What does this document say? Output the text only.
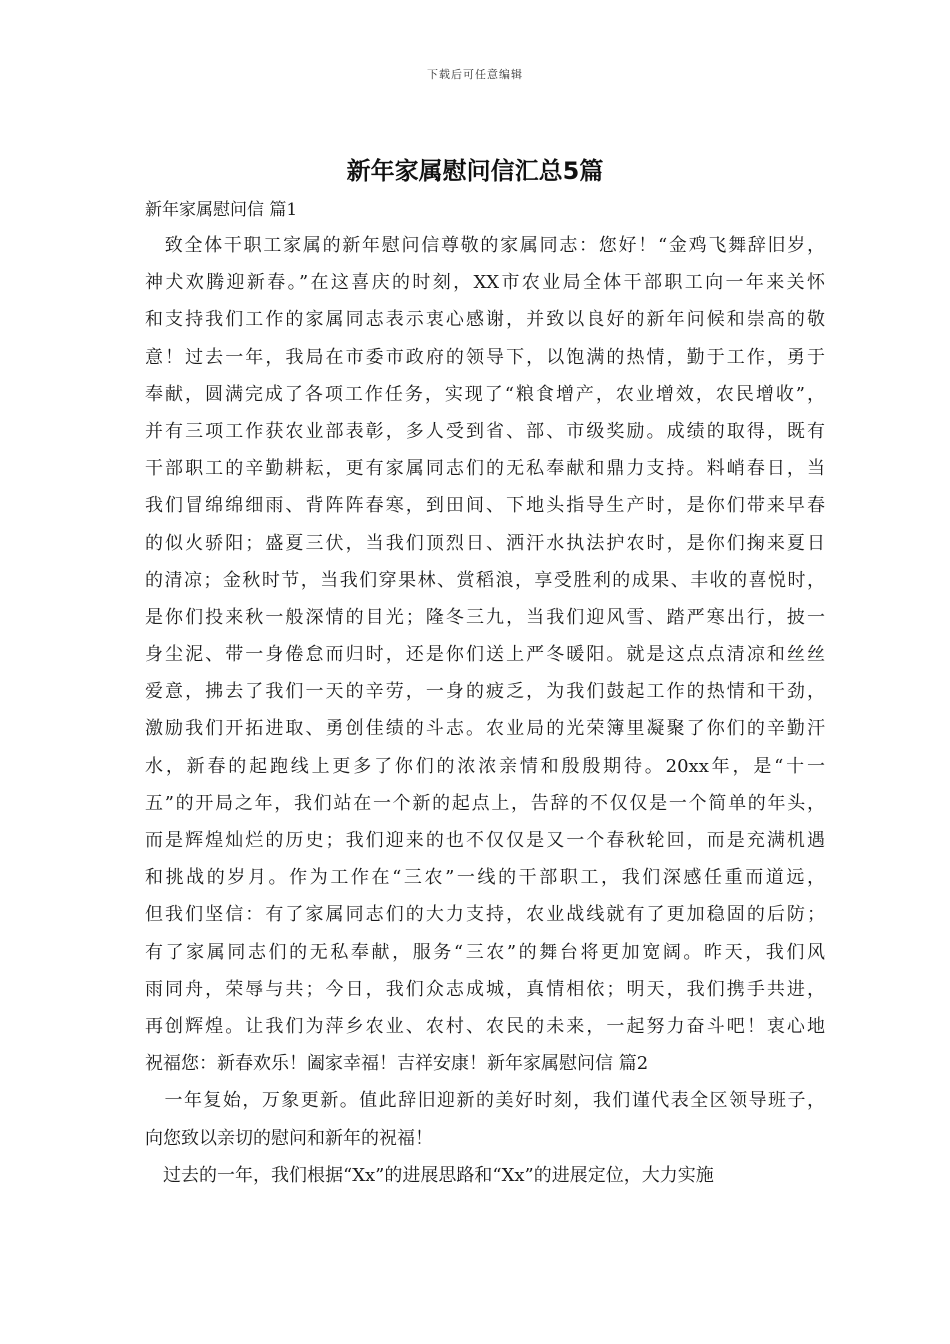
下载后可任意编辑
新年家属慰问信汇总5篇
新年家属慰问信 篇1
　致全体干职工家属的新年慰问信尊敬的家属同志：您好！“金鸡飞舞辞旧岁，
神犬欢腾迎新春。”在这喜庆的时刻，XX市农业局全体干部职工向一年来关怀
和支持我们工作的家属同志表示衷心感谢，并致以良好的新年问候和崇高的敬
意！过去一年，我局在市委市政府的领导下，以饱满的热情，勤于工作，勇于
奉献，圆满完成了各项工作任务，实现了“粮食增产，农业增效，农民增收”，
并有三项工作获农业部表彰，多人受到省、部、市级奖励。成绩的取得，既有
干部职工的辛勤耕耘，更有家属同志们的无私奉献和鼎力支持。料峭春日，当
我们冒绵绵细雨、背阵阵春寒，到田间、下地头指导生产时，是你们带来早春
的似火骄阳；盛夏三伏，当我们顶烈日、洒汗水执法护农时，是你们掬来夏日
的清凉；金秋时节，当我们穿果林、赏稻浪，享受胜利的成果、丰收的喜悦时，
是你们投来秋一般深情的目光；隆冬三九，当我们迎风雪、踏严寒出行，披一
身尘泥、带一身倦怠而归时，还是你们送上严冬暖阳。就是这点点清凉和丝丝
爱意，拂去了我们一天的辛劳，一身的疲乏，为我们鼓起工作的热情和干劲，
激励我们开拓进取、勇创佳绩的斗志。农业局的光荣簿里凝聚了你们的辛勤汗
水，新春的起跑线上更多了你们的浓浓亲情和殷殷期待。20xx年，是“十一
五”的开局之年，我们站在一个新的起点上，告辞的不仅仅是一个简单的年头，
而是辉煌灿烂的历史；我们迎来的也不仅仅是又一个春秋轮回，而是充满机遇
和挑战的岁月。作为工作在“三农”一线的干部职工，我们深感任重而道远，
但我们坚信：有了家属同志们的大力支持，农业战线就有了更加稳固的后防；
有了家属同志们的无私奉献，服务“三农”的舞台将更加宽阔。昨天，我们风
雨同舟，荣辱与共；今日，我们众志成城，真情相依；明天，我们携手共进，
再创辉煌。让我们为萍乡农业、农村、农民的未来，一起努力奋斗吧！衷心地
祝福您：新春欢乐！阖家幸福！吉祥安康！新年家属慰问信 篇2
　一年复始，万象更新。值此辞旧迎新的美好时刻，我们谨代表全区领导班子，
向您致以亲切的慰问和新年的祝福！
　过去的一年，我们根据“Xx”的进展思路和“Xx”的进展定位，大力实施
